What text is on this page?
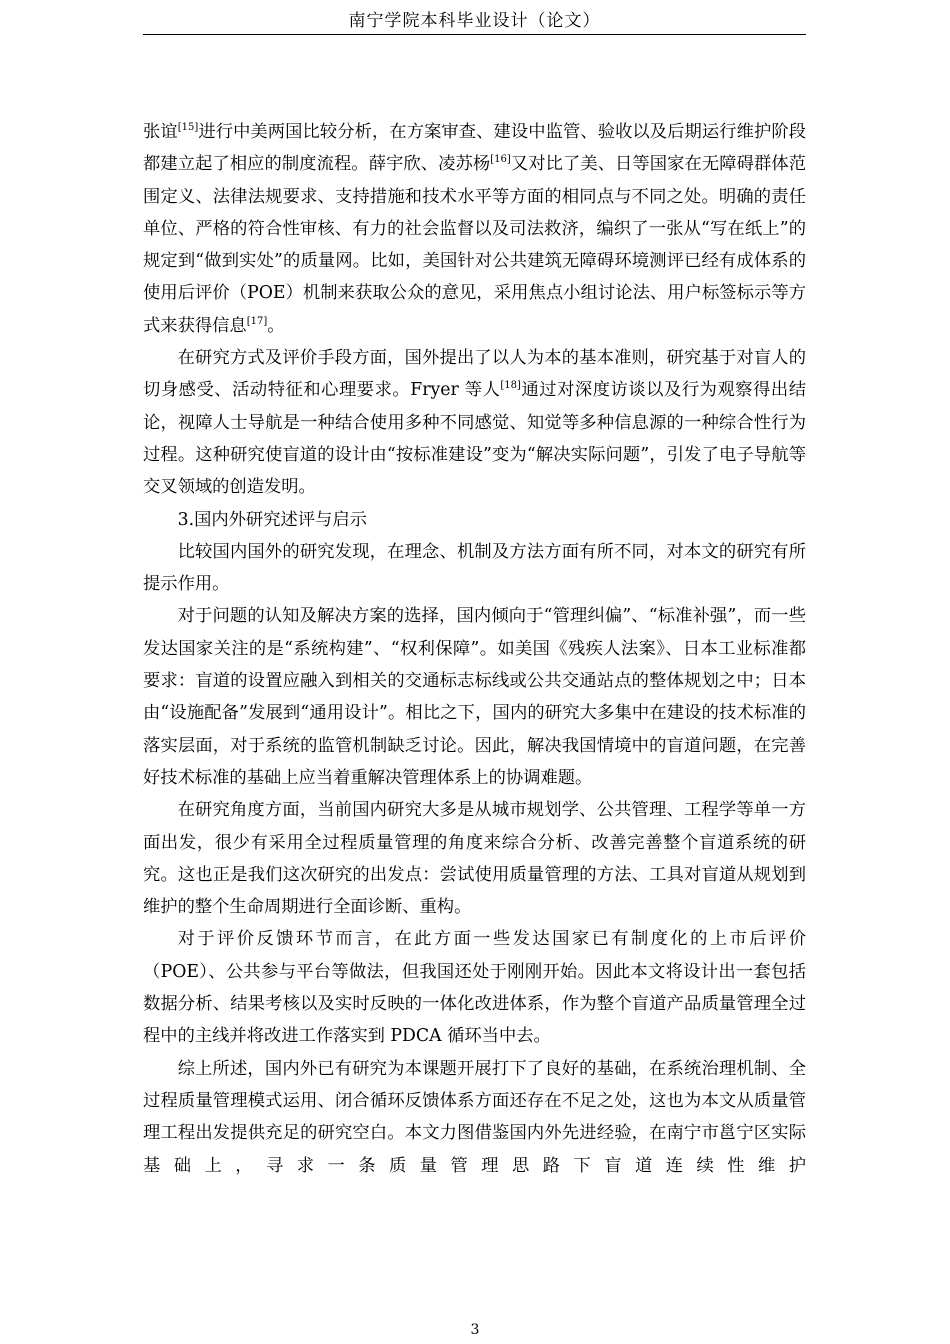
南宁学院本科毕业设计（论文）

张谊[15]进行中美两国比较分析，在方案审查、建设中监管、验收以及后期运行维护阶段都建立起了相应的制度流程。薛宇欣、凌苏杨[16]又对比了美、日等国家在无障碍群体范围定义、法律法规要求、支持措施和技术水平等方面的相同点与不同之处。明确的责任单位、严格的符合性审核、有力的社会监督以及司法救济，编织了一张从“写在纸上”的规定到“做到实处”的质量网。比如，美国针对公共建筑无障碍环境测评已经有成体系的使用后评价（POE）机制来获取公众的意见，采用焦点小组讨论法、用户标签标示等方式来获得信息[17]。

在研究方式及评价手段方面，国外提出了以人为本的基本准则，研究基于对盲人的切身感受、活动特征和心理要求。Fryer 等人[18]通过对深度访谈以及行为观察得出结论，视障人士导航是一种结合使用多种不同感觉、知觉等多种信息源的一种综合性行为过程。这种研究使盲道的设计由“按标准建设”变为“解决实际问题”，引发了电子导航等交叉领域的创造发明。

3.国内外研究述评与启示

比较国内国外的研究发现，在理念、机制及方法方面有所不同，对本文的研究有所提示作用。

对于问题的认知及解决方案的选择，国内倾向于“管理纠偏”、“标准补强”，而一些发达国家关注的是“系统构建”、“权利保障”。如美国《残疾人法案》、日本工业标准都要求：盲道的设置应融入到相关的交通标志标线或公共交通站点的整体规划之中；日本由“设施配备”发展到“通用设计”。相比之下，国内的研究大多集中在建设的技术标准的落实层面，对于系统的监管机制缺乏讨论。因此，解决我国情境中的盲道问题，在完善好技术标准的基础上应当着重解决管理体系上的协调难题。

在研究角度方面，当前国内研究大多是从城市规划学、公共管理、工程学等单一方面出发，很少有采用全过程质量管理的角度来综合分析、改善完善整个盲道系统的研究。这也正是我们这次研究的出发点：尝试使用质量管理的方法、工具对盲道从规划到维护的整个生命周期进行全面诊断、重构。

对于评价反馈环节而言，在此方面一些发达国家已有制度化的上市后评价（POE）、公共参与平台等做法，但我国还处于刚刚开始。因此本文将设计出一套包括数据分析、结果考核以及实时反映的一体化改进体系，作为整个盲道产品质量管理全过程中的主线并将改进工作落实到 PDCA 循环当中去。

综上所述，国内外已有研究为本课题开展打下了良好的基础，在系统治理机制、全过程质量管理模式运用、闭合循环反馈体系方面还存在不足之处，这也为本文从质量管理工程出发提供充足的研究空白。本文力图借鉴国内外先进经验，在南宁市邕宁区实际基础上，寻求一条质量管理思路下盲道连续性维护

3
